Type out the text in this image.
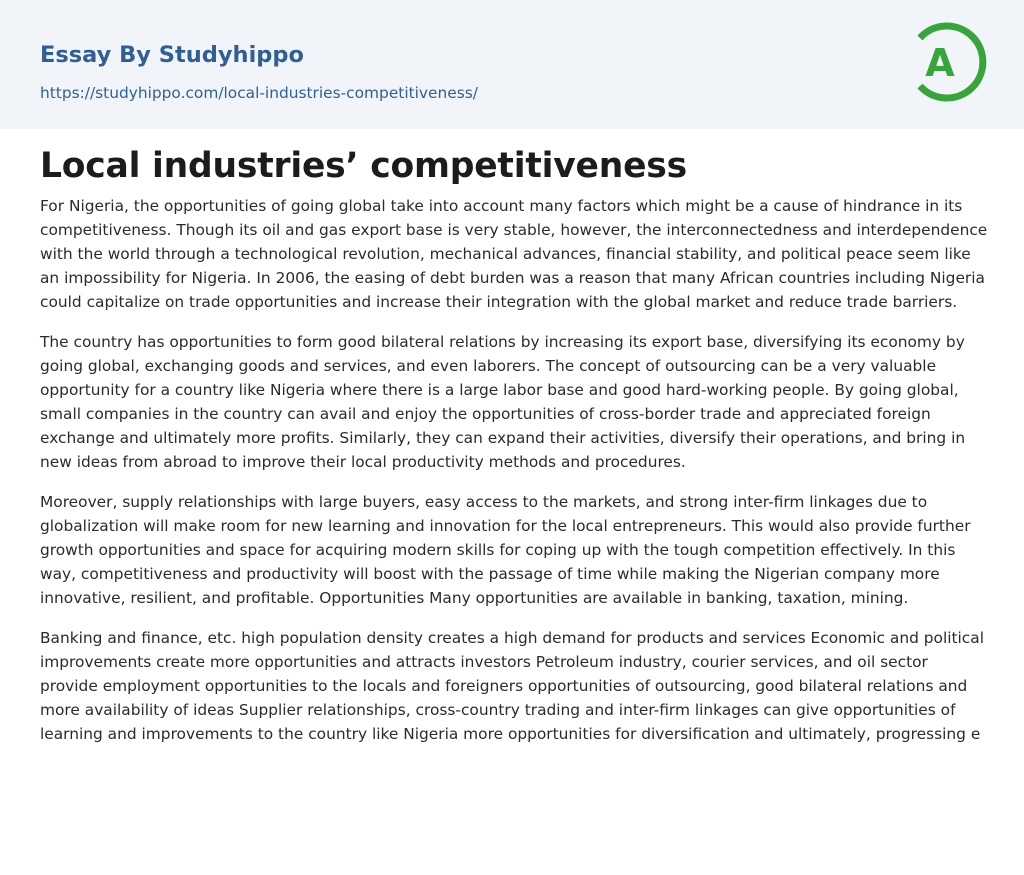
Essay By Studyhippo
https://studyhippo.com/local-industries-competitiveness/
A
Local industries’ competitiveness

For Nigeria, the opportunities of going global take into account many factors which might be a cause of hindrance in its competitiveness. Though its oil and gas export base is very stable, however, the interconnectedness and interdependence with the world through a technological revolution, mechanical advances, financial stability, and political peace seem like an impossibility for Nigeria. In 2006, the easing of debt burden was a reason that many African countries including Nigeria could capitalize on trade opportunities and increase their integration with the global market and reduce trade barriers.

The country has opportunities to form good bilateral relations by increasing its export base, diversifying its economy by going global, exchanging goods and services, and even laborers. The concept of outsourcing can be a very valuable opportunity for a country like Nigeria where there is a large labor base and good hard-working people. By going global, small companies in the country can avail and enjoy the opportunities of cross-border trade and appreciated foreign exchange and ultimately more profits. Similarly, they can expand their activities, diversify their operations, and bring in new ideas from abroad to improve their local productivity methods and procedures.

Moreover, supply relationships with large buyers, easy access to the markets, and strong inter-firm linkages due to globalization will make room for new learning and innovation for the local entrepreneurs. This would also provide further growth opportunities and space for acquiring modern skills for coping up with the tough competition effectively. In this way, competitiveness and productivity will boost with the passage of time while making the Nigerian company more innovative, resilient, and profitable. Opportunities Many opportunities are available in banking, taxation, mining.

Banking and finance, etc. high population density creates a high demand for products and services Economic and political improvements create more opportunities and attracts investors Petroleum industry, courier services, and oil sector provide employment opportunities to the locals and foreigners opportunities of outsourcing, good bilateral relations and more availability of ideas Supplier relationships, cross-country trading and inter-firm linkages can give opportunities of learning and improvements to the country like Nigeria more opportunities for diversification and ultimately, progressing e
